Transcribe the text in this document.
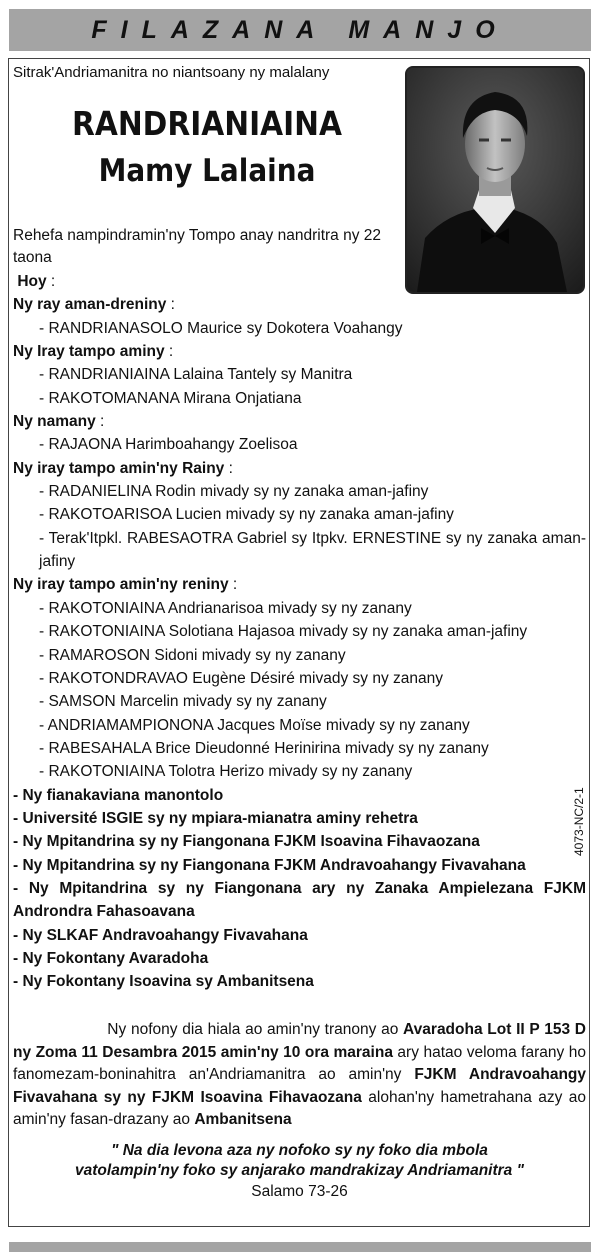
FILAZANA MANJO
Sitrak'Andriamanitra no niantsoany ny malalany
RANDRIANIAINA
Mamy Lalaina
Rehefa nampindramin'ny Tompo anay nandritra ny 22 taona
Hoy :
Ny ray aman-dreniny :
- RANDRIANASOLO Maurice sy Dokotera Voahangy
Ny Iray tampo aminy :
- RANDRIANIAINA Lalaina Tantely sy Manitra
- RAKOTOMANANA Mirana Onjatiana
Ny namany :
- RAJAONA Harimboahangy Zoelisoa
Ny iray tampo amin'ny Rainy :
- RADANIELINA Rodin mivady sy ny zanaka aman-jafiny
- RAKOTOARISOA Lucien mivady sy ny zanaka aman-jafiny
- Terak'Itpkl. RABESAOTRA Gabriel sy Itpkv. ERNESTINE sy ny zanaka aman-jafiny
Ny iray tampo amin'ny reniny :
- RAKOTONIAINA Andrianarisoa mivady sy ny zanany
- RAKOTONIAINA Solotiana Hajasoa mivady sy ny zanaka aman-jafiny
- RAMAROSON Sidoni mivady sy ny zanany
- RAKOTONDRAVAO Eugène Désiré mivady sy ny zanany
- SAMSON Marcelin mivady sy ny zanany
- ANDRIAMAMPIONONA Jacques Moïse mivady sy ny zanany
- RABESAHALA Brice Dieudonné Herinirina mivady sy ny zanany
- RAKOTONIAINA Tolotra Herizo mivady sy ny zanany
- Ny fianakaviana manontolo
- Université ISGIE sy ny mpiara-mianatra aminy rehetra
- Ny Mpitandrina sy ny Fiangonana FJKM Isoavina Fihavaozana
- Ny Mpitandrina sy ny Fiangonana FJKM Andravoahangy Fivavahana
- Ny Mpitandrina sy ny Fiangonana ary ny Zanaka Ampielezana FJKM Androndra Fahasoavana
- Ny SLKAF Andravoahangy Fivavahana
- Ny Fokontany Avaradoha
- Ny Fokontany Isoavina sy Ambanitsena
Ny nofony dia hiala ao amin'ny tranony ao Avaradoha Lot II P 153 D ny Zoma 11 Desambra 2015 amin'ny 10 ora maraina ary hatao veloma farany ho fanomezam-boninahitra an'Andriamanitra ao amin'ny FJKM Andravoahangy Fivavahana sy ny FJKM Isoavina Fihavaozana alohan'ny hametrahana azy ao amin'ny fasan-drazany ao Ambanitsena
" Na dia levona aza ny nofoko sy ny foko dia mbola
vatolampin'ny foko sy anjarako mandrakizay Andriamanitra "
Salamo 73-26
4073-NC/2-1
